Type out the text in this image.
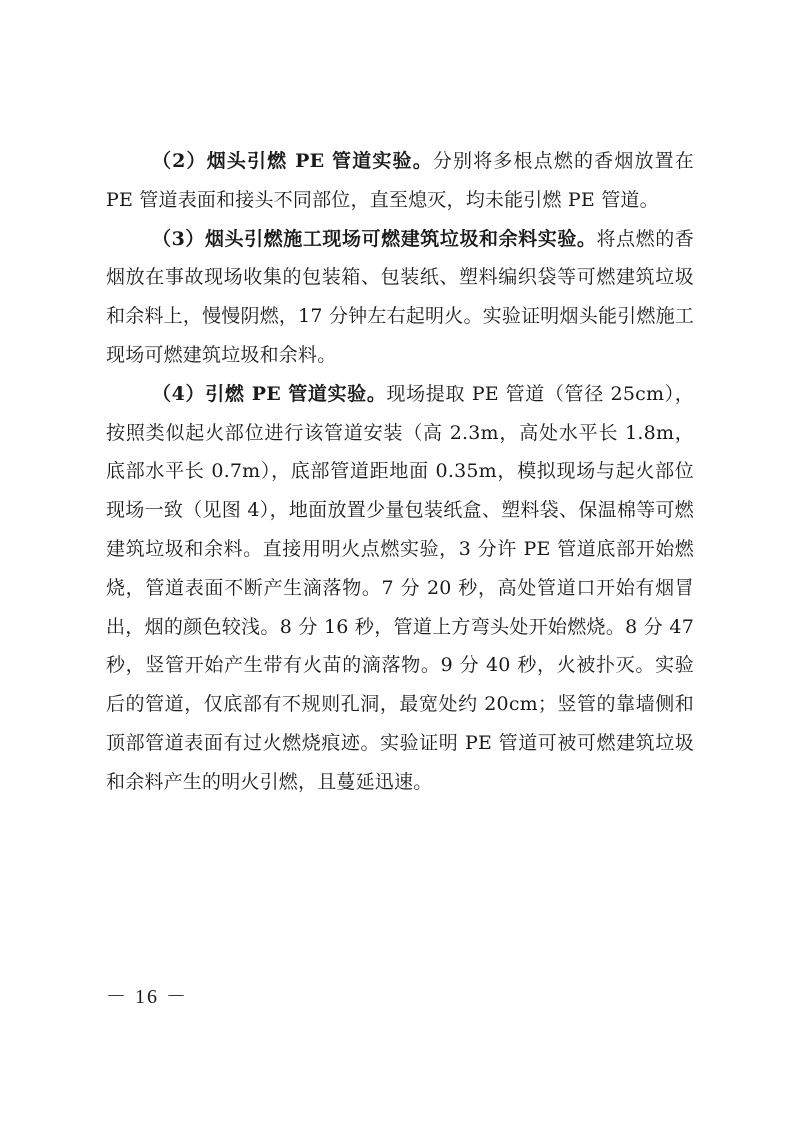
（2）烟头引燃 PE 管道实验。分别将多根点燃的香烟放置在 PE 管道表面和接头不同部位，直至熄灭，均未能引燃 PE 管道。

（3）烟头引燃施工现场可燃建筑垃圾和余料实验。将点燃的香烟放在事故现场收集的包装箱、包装纸、塑料编织袋等可燃建筑垃圾和余料上，慢慢阴燃，17 分钟左右起明火。实验证明烟头能引燃施工现场可燃建筑垃圾和余料。

（4）引燃 PE 管道实验。现场提取 PE 管道（管径 25cm），按照类似起火部位进行该管道安装（高 2.3m，高处水平长 1.8m，底部水平长 0.7m），底部管道距地面 0.35m，模拟现场与起火部位现场一致（见图 4），地面放置少量包装纸盒、塑料袋、保温棉等可燃建筑垃圾和余料。直接用明火点燃实验，3 分许 PE 管道底部开始燃烧，管道表面不断产生滴落物。7 分 20 秒，高处管道口开始有烟冒出，烟的颜色较浅。8 分 16 秒，管道上方弯头处开始燃烧。8 分 47 秒，竖管开始产生带有火苗的滴落物。9 分 40 秒，火被扑灭。实验后的管道，仅底部有不规则孔洞，最宽处约 20cm；竖管的靠墙侧和顶部管道表面有过火燃烧痕迹。实验证明 PE 管道可被可燃建筑垃圾和余料产生的明火引燃，且蔓延迅速。

－ 16 －
